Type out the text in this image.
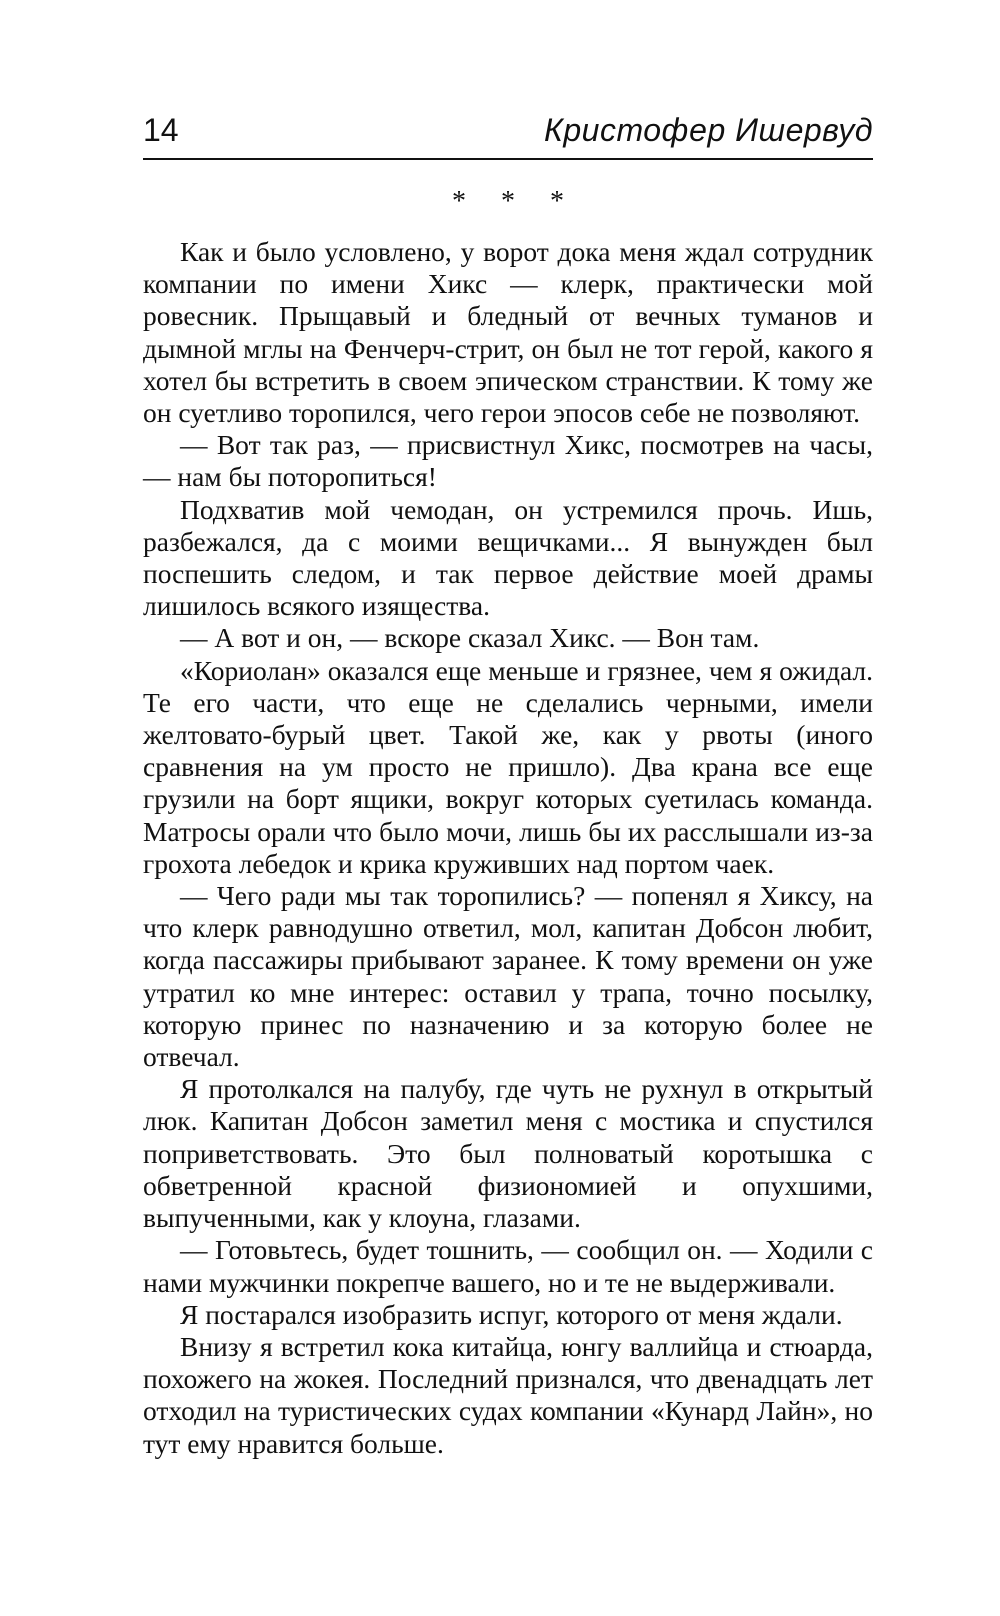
14	Кристофер Ишервуд
* * *

Как и было условлено, у ворот дока меня ждал сотрудник компании по имени Хикс — клерк, практически мой ровесник. Прыщавый и бледный от вечных туманов и дымной мглы на Фенчерч-стрит, он был не тот герой, какого я хотел бы встретить в своем эпическом странствии. К тому же он суетливо торопился, чего герои эпосов себе не позволяют.

— Вот так раз, — присвистнул Хикс, посмотрев на часы, — нам бы поторопиться!

Подхватив мой чемодан, он устремился прочь. Ишь, разбежался, да с моими вещичками... Я вынужден был поспешить следом, и так первое действие моей драмы лишилось всякого изящества.

— А вот и он, — вскоре сказал Хикс. — Вон там.

«Кориолан» оказался еще меньше и грязнее, чем я ожидал. Те его части, что еще не сделались черными, имели желтовато-бурый цвет. Такой же, как у рвоты (иного сравнения на ум просто не пришло). Два крана все еще грузили на борт ящики, вокруг которых суетилась команда. Матросы орали что было мочи, лишь бы их расслышали из-за грохота лебедок и крика круживших над портом чаек.

— Чего ради мы так торопились? — попенял я Хиксу, на что клерк равнодушно ответил, мол, капитан Добсон любит, когда пассажиры прибывают заранее. К тому времени он уже утратил ко мне интерес: оставил у трапа, точно посылку, которую принес по назначению и за которую более не отвечал.

Я протолкался на палубу, где чуть не рухнул в открытый люк. Капитан Добсон заметил меня с мостика и спустился поприветствовать. Это был полноватый коротышка с обветренной красной физиономией и опухшими, выпученными, как у клоуна, глазами.

— Готовьтесь, будет тошнить, — сообщил он. — Ходили с нами мужчинки покрепче вашего, но и те не выдерживали.

Я постарался изобразить испуг, которого от меня ждали.

Внизу я встретил кока китайца, юнгу валлийца и стюарда, похожего на жокея. Последний признался, что двенадцать лет отходил на туристических судах компании «Кунард Лайн», но тут ему нравится больше.
